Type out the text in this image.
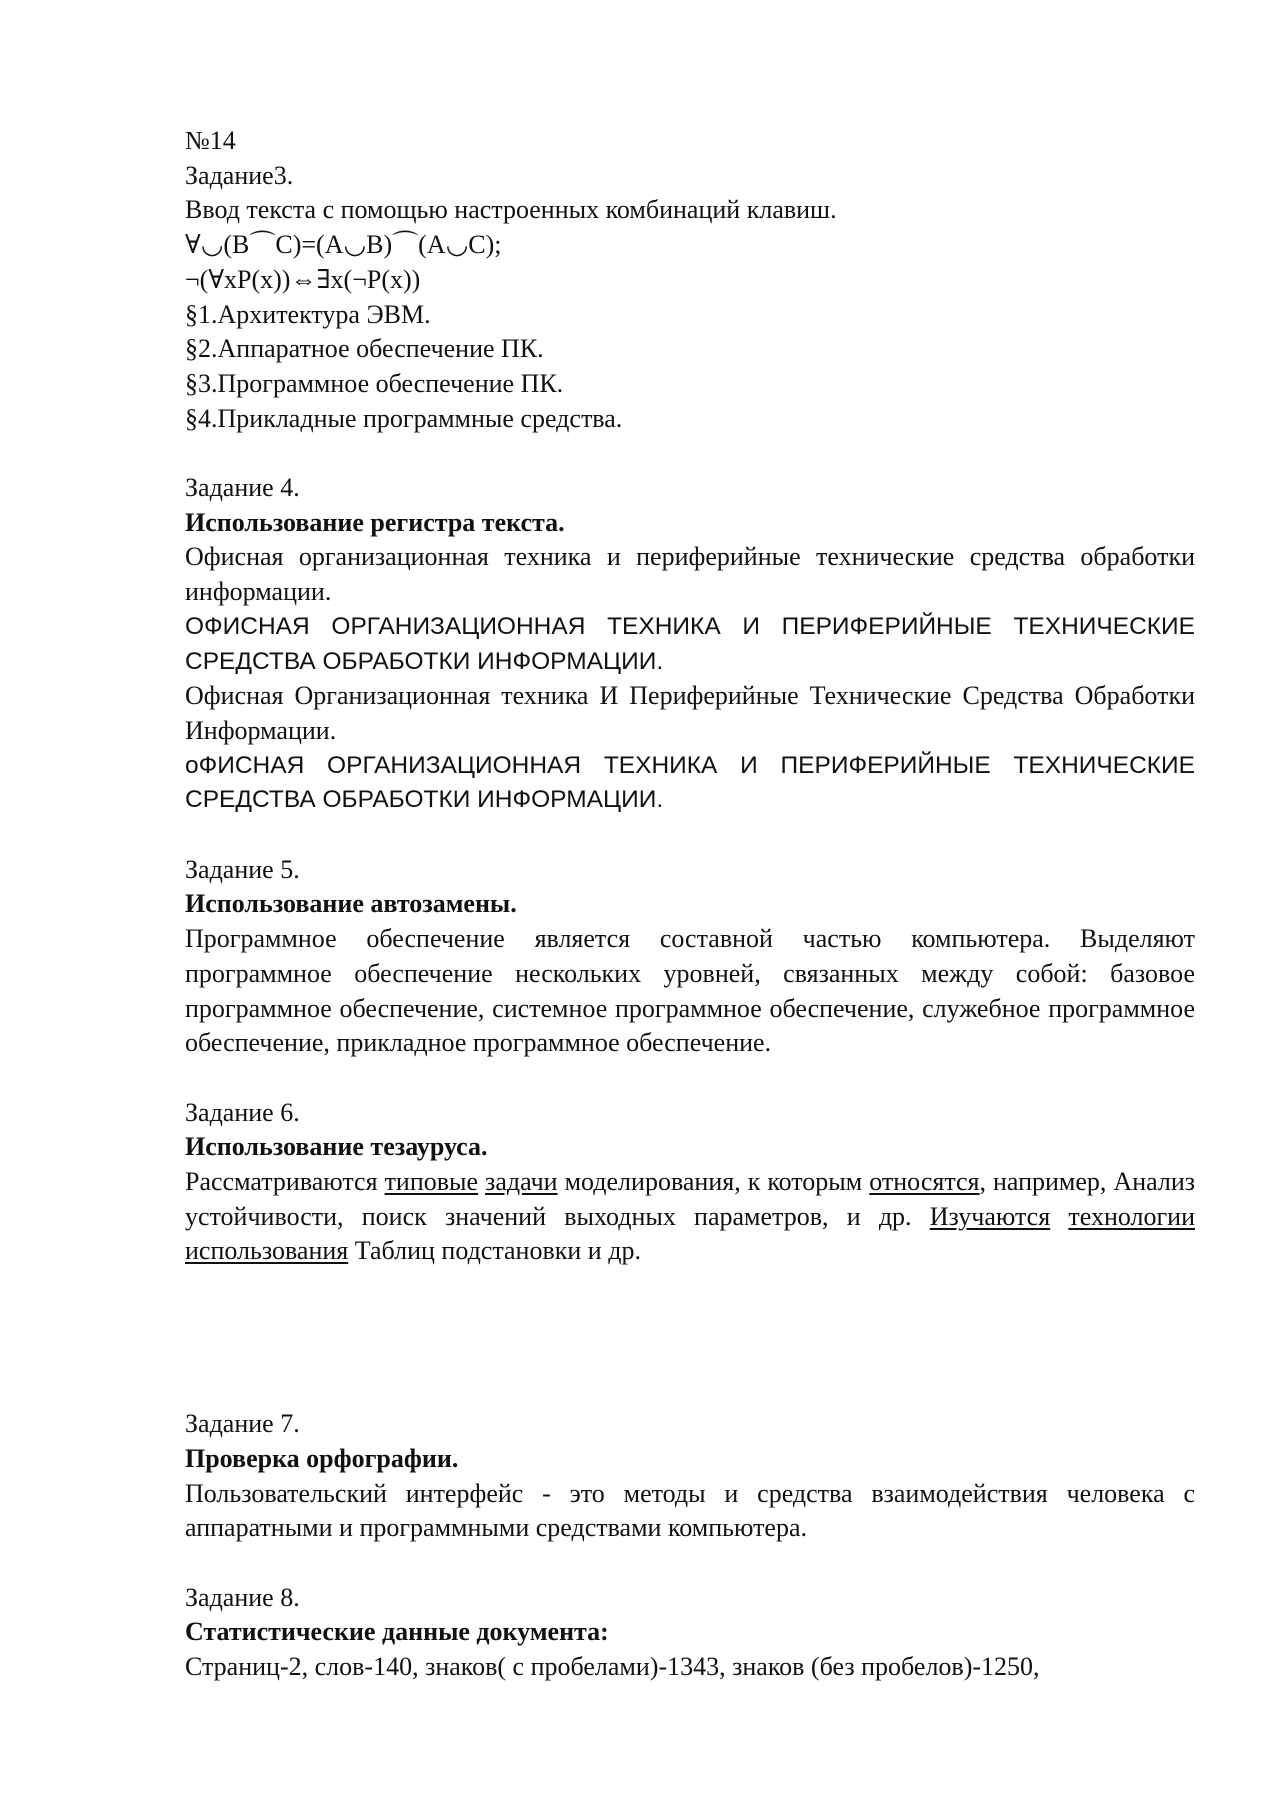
№14

Задание3.

Ввод текста с помощью настроенных комбинаций клавиш.

∀◡(B⌒C)=(A◡B)⌒(A◡C);

¬(∀xP(x))⇔∃x(¬P(x))

§1.Архитектура ЭВМ.

§2.Аппаратное обеспечение ПК.

§3.Программное обеспечение ПК.

§4.Прикладные программные средства.

Задание 4.

Использование регистра текста.

Офисная организационная техника и периферийные технические средства обработки информации.

ОФИСНАЯ ОРГАНИЗАЦИОННАЯ ТЕХНИКА И ПЕРИФЕРИЙНЫЕ ТЕХНИЧЕСКИЕ СРЕДСТВА ОБРАБОТКИ ИНФОРМАЦИИ.

Офисная Организационная техника И Периферийные Технические Средства Обработки Информации.

оФИСНАЯ ОРГАНИЗАЦИОННАЯ ТЕХНИКА И ПЕРИФЕРИЙНЫЕ ТЕХНИЧЕСКИЕ СРЕДСТВА ОБРАБОТКИ ИНФОРМАЦИИ.

Задание 5.

Использование автозамены.

Программное обеспечение является составной частью компьютера. Выделяют программное обеспечение нескольких уровней, связанных между собой: базовое программное обеспечение, системное программное обеспечение, служебное программное обеспечение, прикладное программное обеспечение.

Задание 6.

Использование тезауруса.

Рассматриваются типовые задачи моделирования, к которым относятся, например, Анализ устойчивости, поиск значений выходных параметров, и др. Изучаются технологии использования Таблиц подстановки и др.

Задание 7.

Проверка орфографии.

Пользовательский интерфейс - это методы и средства взаимодействия человека с аппаратными и программными средствами компьютера.

Задание 8.

Статистические данные документа:

Страниц-2, слов-140, знаков( с пробелами)-1343, знаков (без пробелов)-1250,
